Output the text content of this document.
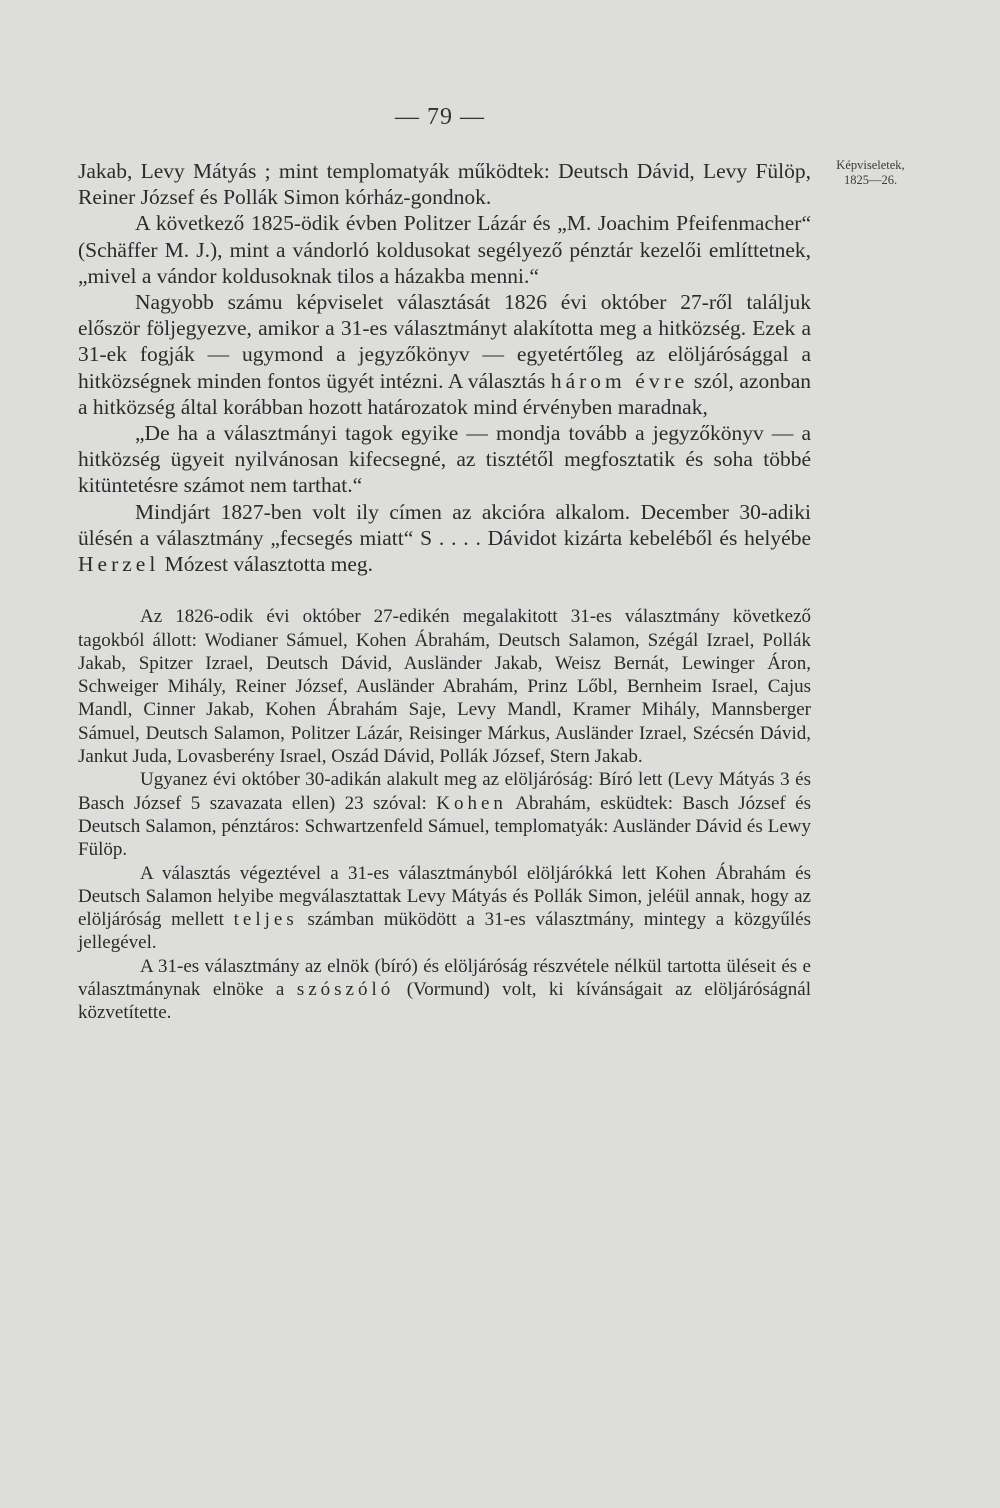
— 79 —
Képviseletek,
1825—26.

Jakab, Levy Mátyás ; mint templomatyák működtek: Deutsch Dávid, Levy Fülöp, Reiner József és Pollák Simon kórház-gondnok.

A következő 1825-ödik évben Politzer Lázár és „M. Joachim Pfeifenmacher“ (Schäffer M. J.), mint a vándorló koldusokat segélyező pénztár kezelői említtetnek, „mivel a vándor koldusoknak tilos a házakba menni.“

Nagyobb számu képviselet választását 1826 évi október 27-ről találjuk először följegyezve, amikor a 31-es választmányt alakította meg a hitközség. Ezek a 31-ek fogják — ugymond a jegyzőkönyv — egyetértőleg az elöljárósággal a hitközségnek minden fontos ügyét intézni. A választás három évre szól, azonban a hitközség által korábban hozott határozatok mind érvényben maradnak,

„De ha a választmányi tagok egyike — mondja tovább a jegyzőkönyv — a hitközség ügyeit nyilvánosan kifecsegné, az tisztétől megfosztatik és soha többé kitüntetésre számot nem tarthat.“

Mindjárt 1827-ben volt ily címen az akcióra alkalom. December 30-adiki ülésén a választmány „fecsegés miatt“ S . . . . Dávidot kizárta kebeléből és helyébe Herzel Mózest választotta meg.

Az 1826-odik évi október 27-edikén megalakitott 31-es választmány következő tagokból állott: Wodianer Sámuel, Kohen Ábrahám, Deutsch Salamon, Szégál Izrael, Pollák Jakab, Spitzer Izrael, Deutsch Dávid, Ausländer Jakab, Weisz Bernát, Lewinger Áron, Schweiger Mihály, Reiner József, Ausländer Abrahám, Prinz Lőbl, Bernheim Israel, Cajus Mandl, Cinner Jakab, Kohen Ábrahám Saje, Levy Mandl, Kramer Mihály, Mannsberger Sámuel, Deutsch Salamon, Politzer Lázár, Reisinger Márkus, Ausländer Izrael, Szécsén Dávid, Jankut Juda, Lovasberény Israel, Oszád Dávid, Pollák József, Stern Jakab.

Ugyanez évi október 30-adikán alakult meg az elöljáróság: Bíró lett (Levy Mátyás 3 és Basch József 5 szavazata ellen) 23 szóval: Kohen Abrahám, esküdtek: Basch József és Deutsch Salamon, pénztáros: Schwartzenfeld Sámuel, templomatyák: Ausländer Dávid és Lewy Fülöp.

A választás végeztével a 31-es választmányból elöljárókká lett Kohen Ábrahám és Deutsch Salamon helyibe megválasztattak Levy Mátyás és Pollák Simon, jeléül annak, hogy az elöljáróság mellett teljes számban müködött a 31-es választmány, mintegy a közgyűlés jellegével.

A 31-es választmány az elnök (bíró) és elöljáróság részvétele nélkül tartotta üléseit és e választmánynak elnöke a szószóló (Vormund) volt, ki kívánságait az elöljáróságnál közvetítette.
